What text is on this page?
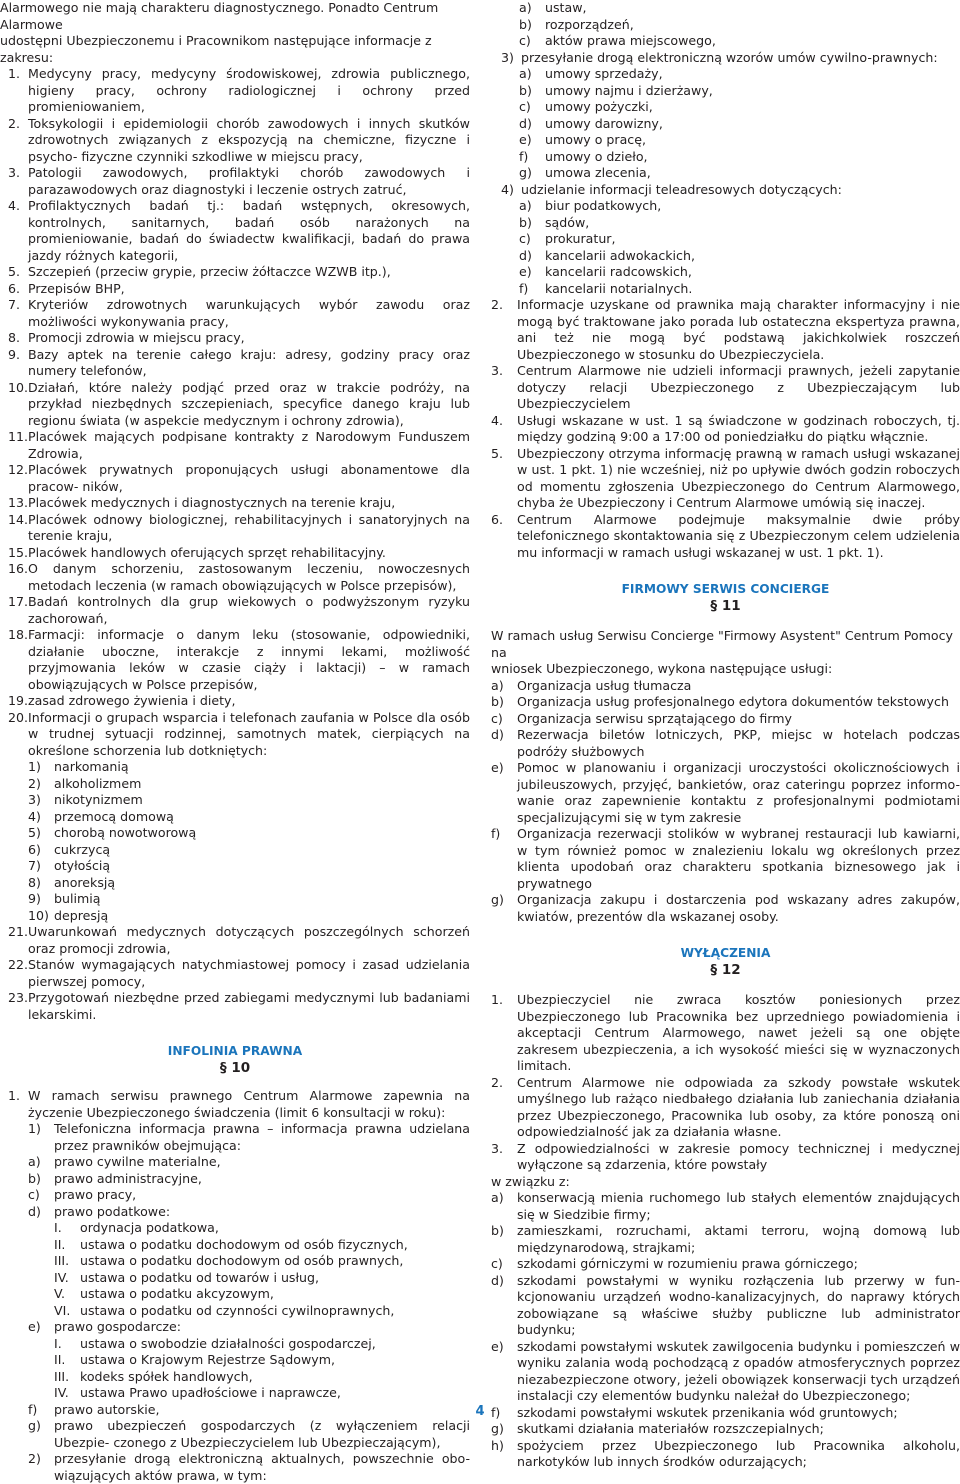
Alarmowego nie mają charakteru diagnostycznego. Ponadto Centrum Alarmowe
udostępni Ubezpieczonemu i Pracownikom następujące informacje z zakresu:
1. Medycyny pracy, medycyny środowiskowej, zdrowia publicznego, higieny pracy, ochrony radiologicznej i ochrony przed promieniowaniem,
2. Toksykologii i epidemiologii chorób zawodowych i innych skutków zdrowotnych związanych z ekspozycją na chemiczne, fizyczne i psycho- fizyczne czynniki szkodliwe w miejscu pracy,
3. Patologii zawodowych, profilaktyki chorób zawodowych i parazawodowych oraz diagnostyki i leczenie ostrych zatruć,
4. Profilaktycznych badań tj.: badań wstępnych, okresowych, kontrolnych, sanitarnych, badań osób narażonych na promieniowanie, badań do świadectw kwalifikacji, badań do prawa jazdy różnych kategorii,
5. Szczepień (przeciw grypie, przeciw żółtaczce WZWB itp.),
6. Przepisów BHP,
7. Kryteriów zdrowotnych warunkujących wybór zawodu oraz możliwości wykonywania pracy,
8. Promocji zdrowia w miejscu pracy,
9. Bazy aptek na terenie całego kraju: adresy, godziny pracy oraz numery telefonów,
10. Działań, które należy podjąć przed oraz w trakcie podróży, na przykład niezbędnych szczepieniach, specyfice danego kraju lub regionu świata (w aspekcie medycznym i ochrony zdrowia),
11. Placówek mających podpisane kontrakty z Narodowym Funduszem Zdrowia,
12. Placówek prywatnych proponujących usługi abonamentowe dla pracow- ników,
13. Placówek medycznych i diagnostycznych na terenie kraju,
14. Placówek odnowy biologicznej, rehabilitacyjnych i sanatoryjnych na terenie kraju,
15. Placówek handlowych oferujących sprzęt rehabilitacyjny.
16. O danym schorzeniu, zastosowanym leczeniu, nowoczesnych metodach leczenia (w ramach obowiązujących w Polsce przepisów),
17. Badań kontrolnych dla grup wiekowych o podwyższonym ryzyku zachorowań,
18. Farmacji: informacje o danym leku (stosowanie, odpowiedniki, działanie uboczne, interakcje z innymi lekami, możliwość przyjmowania leków w czasie ciąży i laktacji) – w ramach obowiązujących w Polsce przepisów,
19. zasad zdrowego żywienia i diety,
20. Informacji o grupach wsparcia i telefonach zaufania w Polsce dla osób w trudnej sytuacji rodzinnej, samotnych matek, cierpiących na określone schorzenia lub dotkniętych:
1)	narkomanią
2)	alkoholizmem
3)	nikotynizmem
4)	przemocą domową
5)	chorobą nowotworową
6)	cukrzycą
7)	otyłością
8)	anoreksją
9)	bulimią
10) depresją
21. Uwarunkowań medycznych dotyczących poszczególnych schorzeń oraz promocji zdrowia,
22. Stanów wymagających natychmiastowej pomocy i zasad udzielania pierwszej pomocy,
23. Przygotowań niezbędne przed zabiegami medycznymi lub badaniami lekarskimi.
INFOLINIA PRAWNA
§ 10
1. W ramach serwisu prawnego Centrum Alarmowe zapewnia na życzenie Ubezpieczonego świadczenia (limit 6 konsultacji w roku):
1)	Telefoniczna informacja prawna – informacja prawna udzielana przez prawników obejmująca:
a)	prawo cywilne materialne,
b)	prawo administracyjne,
c)	prawo pracy,
d)	prawo podatkowe:
I.	ordynacja podatkowa,
II.	ustawa o podatku dochodowym od osób fizycznych,
III. ustawa o podatku dochodowym od osób prawnych,
IV. ustawa o podatku od towarów i usług,
V.	ustawa o podatku akcyzowym,
VI. ustawa o podatku od czynności cywilnoprawnych,
e)	prawo gospodarcze:
I.	ustawa o swobodzie działalności gospodarczej,
II.	ustawa o Krajowym Rejestrze Sądowym,
III. kodeks spółek handlowych,
IV. ustawa Prawo upadłościowe i naprawcze,
f)	prawo autorskie,
g)	prawo ubezpieczeń gospodarczych (z wyłączeniem relacji Ubezpie- czonego z Ubezpieczycielem lub Ubezpieczającym),
2)	przesyłanie drogą elektroniczną aktualnych, powszechnie obo- wiązujących aktów prawa, w tym:
a)	ustaw,
b)	rozporządzeń,
c)	aktów prawa miejscowego,
3) przesyłanie drogą elektroniczną wzorów umów cywilno-prawnych:
a)	umowy sprzedaży,
b)	umowy najmu i dzierżawy,
c)	umowy pożyczki,
d)	umowy darowizny,
e)	umowy o pracę,
f)	umowy o dzieło,
g)	umowa zlecenia,
4) udzielanie informacji teleadresowych dotyczących:
a)	biur podatkowych,
b)	sądów,
c)	prokuratur,
d)	kancelarii adwokackich,
e)	kancelarii radcowskich,
f)	kancelarii notarialnych.
2.	Informacje uzyskane od prawnika mają charakter informacyjny i nie mogą być traktowane jako porada lub ostateczna ekspertyza prawna, ani też nie mogą być podstawą jakichkolwiek roszczeń Ubezpieczonego w stosunku do Ubezpieczyciela.
3.	Centrum Alarmowe nie udzieli informacji prawnych, jeżeli zapytanie dotyczy relacji Ubezpieczonego z Ubezpieczającym lub Ubezpieczycielem
4.	Usługi wskazane w ust. 1 są świadczone w godzinach roboczych, tj. między godziną 9:00 a 17:00 od poniedziałku do piątku włącznie.
5.	Ubezpieczony otrzyma informację prawną w ramach usługi wskazanej w ust. 1 pkt. 1) nie wcześniej, niż po upływie dwóch godzin roboczych od momentu zgłoszenia Ubezpieczonego do Centrum Alarmowego, chyba że Ubezpieczony i Centrum Alarmowe umówią się inaczej.
6.	Centrum Alarmowe podejmuje maksymalnie dwie próby telefonicznego skontaktowania się z Ubezpieczonym celem udzielenia mu informacji w ramach usługi wskazanej w ust. 1 pkt. 1).
FIRMOWY SERWIS CONCIERGE
§ 11
W ramach usług Serwisu Concierge "Firmowy Asystent" Centrum Pomocy na
wniosek Ubezpieczonego, wykona następujące usługi:
a)	Organizacja usług tłumacza
b)	Organizacja usług profesjonalnego edytora dokumentów tekstowych
c)	Organizacja serwisu sprzątającego do firmy
d)	Rezerwacja biletów lotniczych, PKP, miejsc w hotelach podczas podróży służbowych
e)	Pomoc w planowaniu i organizacji uroczystości okolicznościowych i jubileuszowych, przyjęć, bankietów, oraz cateringu poprzez informo- wanie oraz zapewnienie kontaktu z profesjonalnymi podmiotami specjalizującymi się w tym zakresie
f)	Organizacja rezerwacji stolików w wybranej restauracji lub kawiarni, w tym również pomoc w znalezieniu lokalu wg określonych przez klienta upodobań oraz charakteru spotkania biznesowego jak i prywatnego
g)	Organizacja zakupu i dostarczenia pod wskazany adres zakupów, kwiatów, prezentów dla wskazanej osoby.
WYŁĄCZENIA
§ 12
1.	Ubezpieczyciel nie zwraca kosztów poniesionych przez Ubezpieczonego lub Pracownika bez uprzedniego powiadomienia i akceptacji Centrum Alarmowego, nawet jeżeli są one objęte zakresem ubezpieczenia, a ich wysokość mieści się w wyznaczonych limitach.
2.	Centrum Alarmowe nie odpowiada za szkody powstałe wskutek umyślnego lub rażąco niedbałego działania lub zaniechania działania przez Ubezpieczonego, Pracownika lub osoby, za które ponoszą oni odpowiedzialność jak za działania własne.
3.	Z odpowiedzialności w zakresie pomocy technicznej i medycznej wyłączone są zdarzenia, które powstały
w związku z:
a)	konserwacją mienia ruchomego lub stałych elementów znajdujących się w Siedzibie firmy;
b)	zamieszkami, rozruchami, aktami terroru, wojną domową lub międzynarodową, strajkami;
c)	szkodami górniczymi w rozumieniu prawa górniczego;
d)	szkodami powstałymi w wyniku rozłączenia lub przerwy w fun- kcjonowaniu urządzeń wodno-kanalizacyjnych, do naprawy których zobowiązane są właściwe służby publiczne lub administrator budynku;
e)	szkodami powstałymi wskutek zawilgocenia budynku i pomieszczeń w wyniku zalania wodą pochodzącą z opadów atmosferycznych poprzez niezabezpieczone otwory, jeżeli obowiązek konserwacji tych urządzeń instalacji czy elementów budynku należał do Ubezpieczonego;
f)	szkodami powstałymi wskutek przenikania wód gruntowych;
g)	skutkami działania materiałów rozszczepialnych;
h)	spożyciem przez Ubezpieczonego lub Pracownika alkoholu, narkotyków lub innych środków odurzających;
4
